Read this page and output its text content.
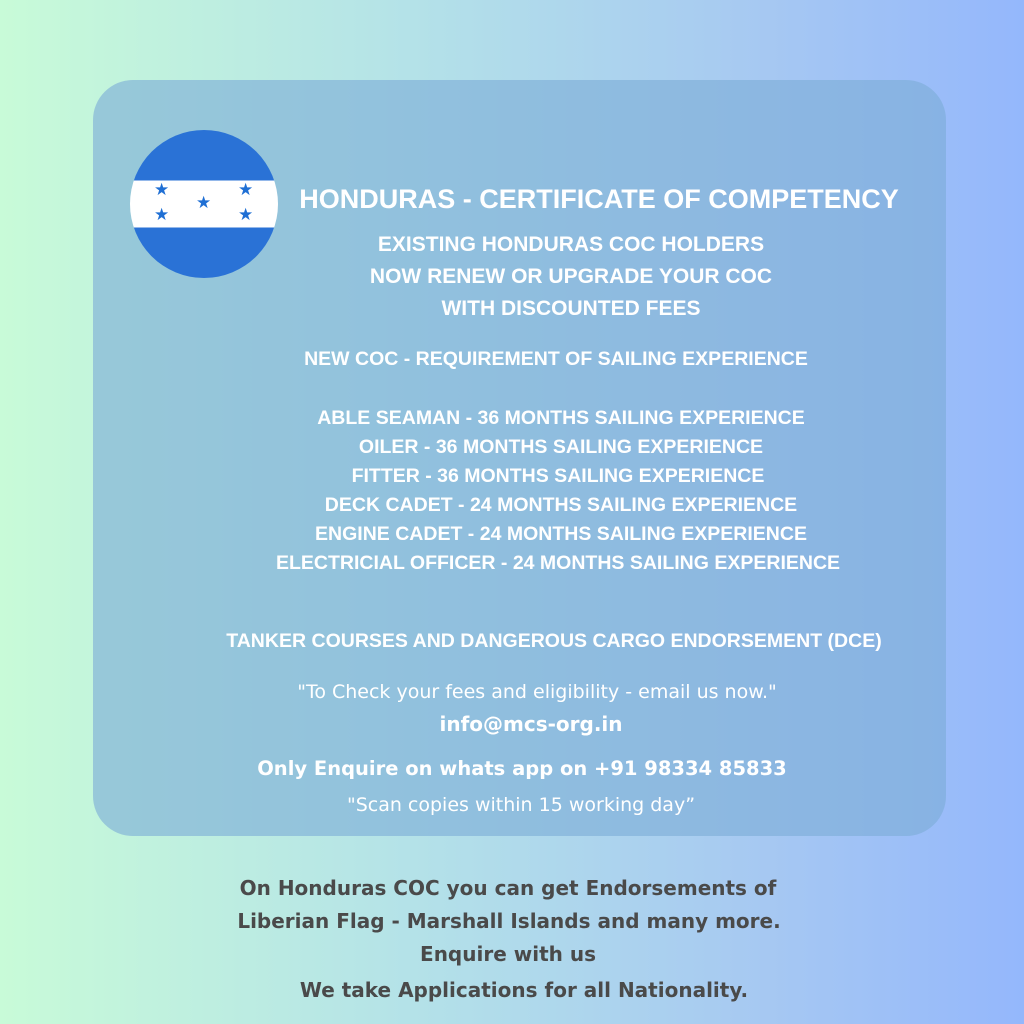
★	★
★
★	★
HONDURAS - CERTIFICATE OF COMPETENCY
EXISTING HONDURAS COC HOLDERS
NOW RENEW OR UPGRADE YOUR COC
WITH DISCOUNTED FEES
NEW COC - REQUIREMENT OF SAILING EXPERIENCE
ABLE SEAMAN - 36 MONTHS SAILING EXPERIENCE
OILER - 36 MONTHS SAILING EXPERIENCE
FITTER - 36 MONTHS SAILING EXPERIENCE
DECK CADET - 24 MONTHS SAILING EXPERIENCE
ENGINE CADET - 24 MONTHS SAILING EXPERIENCE
ELECTRICIAL OFFICER - 24 MONTHS SAILING EXPERIENCE
TANKER COURSES AND DANGEROUS CARGO ENDORSEMENT (DCE)
"To Check your fees and eligibility - email us now."
info@mcs-org.in
Only Enquire on whats app on +91 98334 85833
"Scan copies within 15 working day”
On Honduras COC you can get Endorsements of
Liberian Flag - Marshall Islands and many more.
Enquire with us
We take Applications for all Nationality.
